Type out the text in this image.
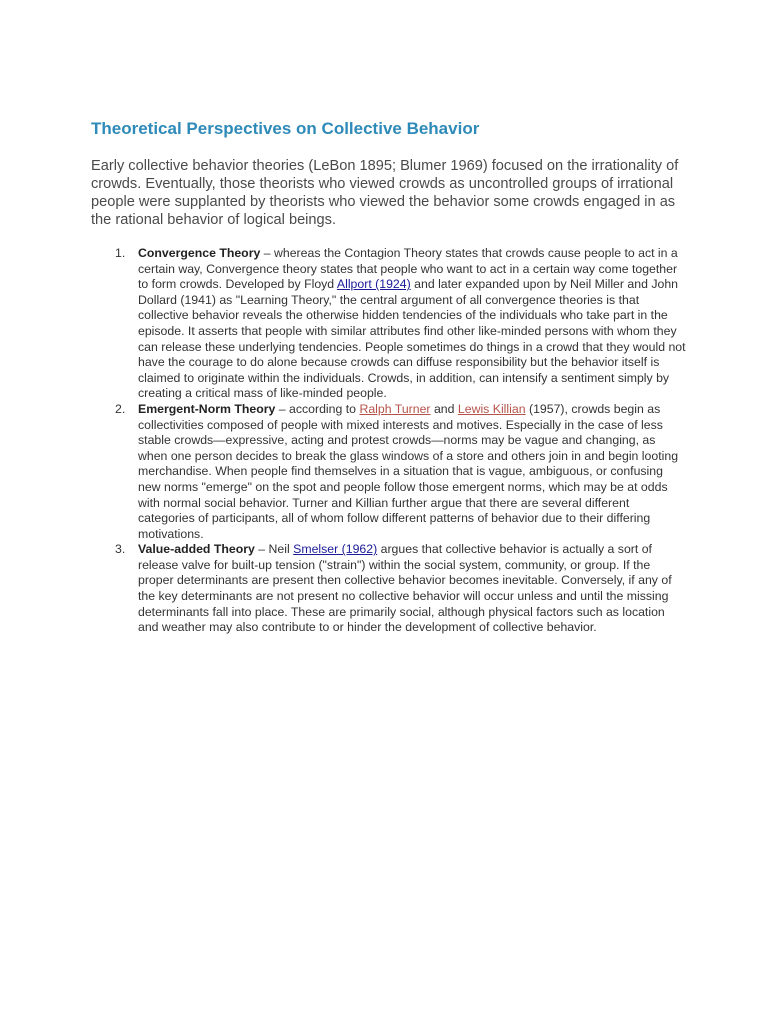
Theoretical Perspectives on Collective Behavior

Early collective behavior theories (LeBon 1895; Blumer 1969) focused on the irrationality of crowds. Eventually, those theorists who viewed crowds as uncontrolled groups of irrational people were supplanted by theorists who viewed the behavior some crowds engaged in as the rational behavior of logical beings.

1. Convergence Theory – whereas the Contagion Theory states that crowds cause people to act in a certain way, Convergence theory states that people who want to act in a certain way come together to form crowds. Developed by Floyd Allport (1924) and later expanded upon by Neil Miller and John Dollard (1941) as "Learning Theory," the central argument of all convergence theories is that collective behavior reveals the otherwise hidden tendencies of the individuals who take part in the episode. It asserts that people with similar attributes find other like-minded persons with whom they can release these underlying tendencies. People sometimes do things in a crowd that they would not have the courage to do alone because crowds can diffuse responsibility but the behavior itself is claimed to originate within the individuals. Crowds, in addition, can intensify a sentiment simply by creating a critical mass of like-minded people.
2. Emergent-Norm Theory – according to Ralph Turner and Lewis Killian (1957), crowds begin as collectivities composed of people with mixed interests and motives. Especially in the case of less stable crowds—expressive, acting and protest crowds—norms may be vague and changing, as when one person decides to break the glass windows of a store and others join in and begin looting merchandise. When people find themselves in a situation that is vague, ambiguous, or confusing new norms "emerge" on the spot and people follow those emergent norms, which may be at odds with normal social behavior. Turner and Killian further argue that there are several different categories of participants, all of whom follow different patterns of behavior due to their differing motivations.
3. Value-added Theory – Neil Smelser (1962) argues that collective behavior is actually a sort of release valve for built-up tension ("strain") within the social system, community, or group. If the proper determinants are present then collective behavior becomes inevitable. Conversely, if any of the key determinants are not present no collective behavior will occur unless and until the missing determinants fall into place. These are primarily social, although physical factors such as location and weather may also contribute to or hinder the development of collective behavior.
